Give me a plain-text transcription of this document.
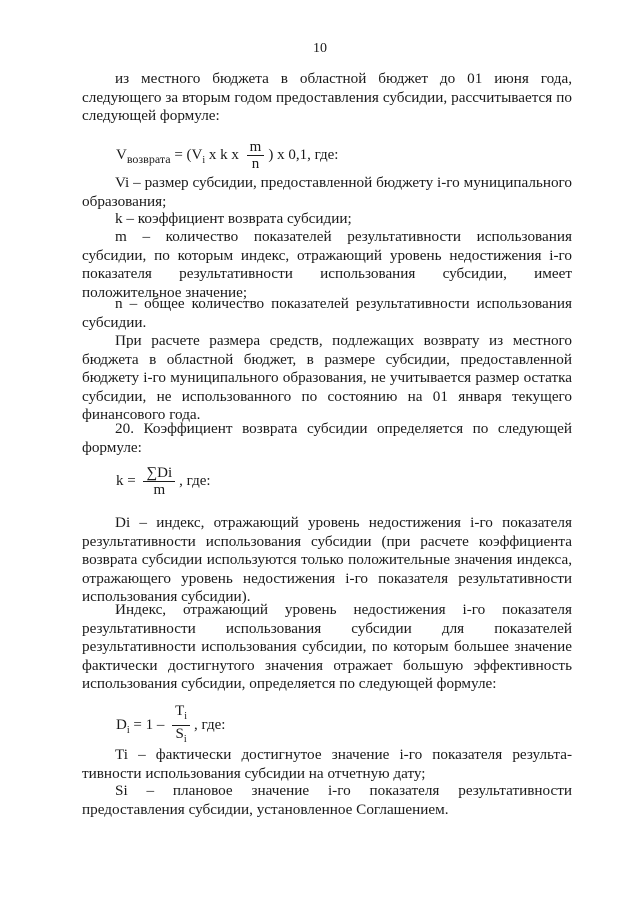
10
из местного бюджета в областной бюджет до 01 июня года, следующего за вторым годом предоставления субсидии, рассчитывается по следующей формуле:
$V_{возврата} = (V_i$ x k x $\frac{m}{n}$ ) x 0,1, где:
Vi – размер субсидии, предоставленной бюджету i-го муниципального образования;
k – коэффициент возврата субсидии;
m – количество показателей результативности использования субсидии, по которым индекс, отражающий уровень недостижения i-го показателя результативности использования субсидии, имеет положительное значение;
n – общее количество показателей результативности использования субсидии.
При расчете размера средств, подлежащих возврату из местного бюджета в областной бюджет, в размере субсидии, предоставленной бюджету i-го муниципального образования, не учитывается размер остатка субсидии, не использованного по состоянию на 01 января текущего финансового года.
20. Коэффициент возврата субсидии определяется по следующей формуле:
$k = \frac{\sum Di}{m}$ , где:
Di – индекс, отражающий уровень недостижения i-го показателя результативности использования субсидии (при расчете коэффициента возврата субсидии используются только положительные значения индекса, отражающего уровень недостижения i-го показателя результативности использования субсидии).
Индекс, отражающий уровень недостижения i-го показателя результативности использования субсидии для показателей результативности использования субсидии, по которым большее значение фактически достигнутого значения отражает большую эффективность использования субсидии, определяется по следующей формуле:
$D_i = 1 - \frac{T_i}{S_i}$ , где:
Ti – фактически достигнутое значение i-го показателя результативности использования субсидии на отчетную дату;
Si – плановое значение i-го показателя результативности предоставления субсидии, установленное Соглашением.
